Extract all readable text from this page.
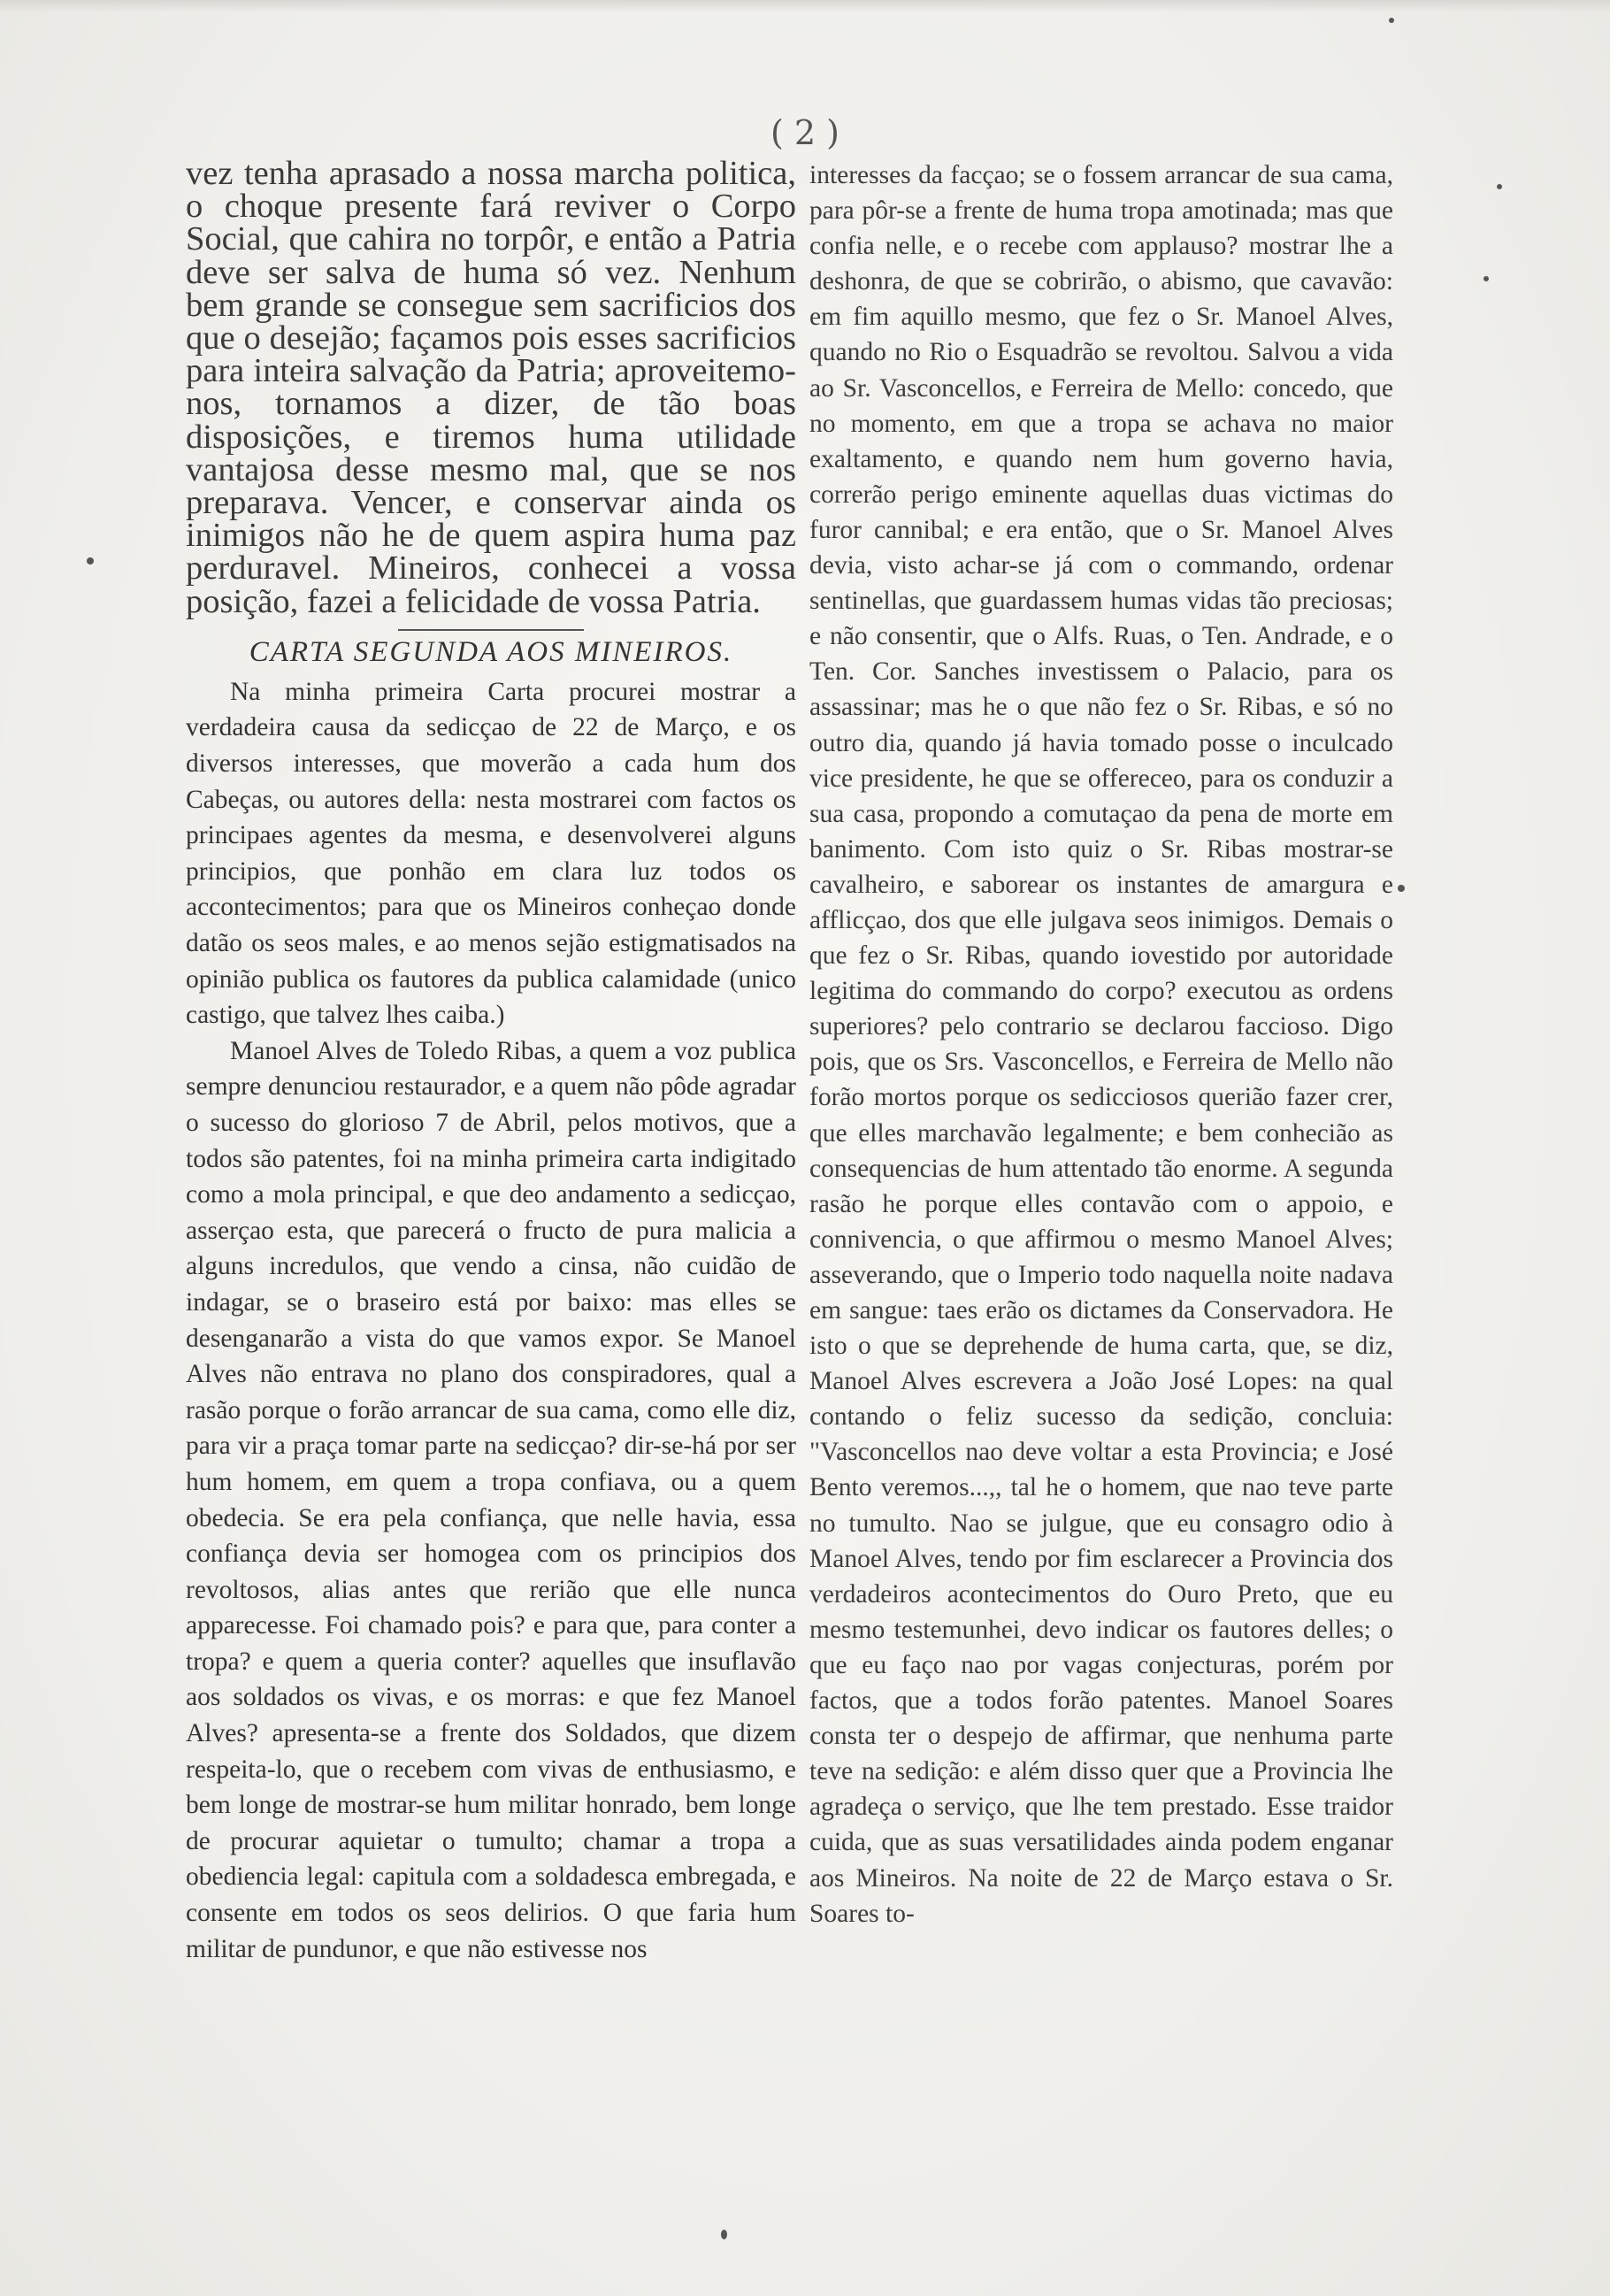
( 2 )

vez tenha aprasado a nossa marcha politica, o choque presente fará reviver o Corpo Social, que cahira no torpôr, e então a Patria deve ser salva de huma só vez. Nenhum bem grande se consegue sem sacrificios dos que o desejão; façamos pois esses sacrificios para inteira salvação da Patria; aproveitemo-nos, tornamos a dizer, de tão boas disposições, e tiremos huma utilidade vantajosa desse mesmo mal, que se nos preparava. Vencer, e conservar ainda os inimigos não he de quem aspira huma paz perduravel. Mineiros, conhecei a vossa posição, fazei a felicidade de vossa Patria.

CARTA SEGUNDA AOS MINEIROS.

Na minha primeira Carta procurei mostrar a verdadeira causa da sedicçao de 22 de Março, e os diversos interesses, que moverão a cada hum dos Cabeças, ou autores della: nesta mostrarei com factos os principaes agentes da mesma, e desenvolverei alguns principios, que ponhão em clara luz todos os accontecimentos; para que os Mineiros conheçao donde datão os seos males, e ao menos sejão estigmatisados na opinião publica os fautores da publica calamidade (unico castigo, que talvez lhes caiba.)

Manoel Alves de Toledo Ribas, a quem a voz publica sempre denunciou restaurador, e a quem não pôde agradar o sucesso do glorioso 7 de Abril, pelos motivos, que a todos são patentes, foi na minha primeira carta indigitado como a mola principal, e que deo andamento a sedicçao, asserçao esta, que parecerá o fructo de pura malicia a alguns incredulos, que vendo a cinsa, não cuidão de indagar, se o braseiro está por baixo: mas elles se desenganarão a vista do que vamos expor. Se Manoel Alves não entrava no plano dos conspiradores, qual a rasão porque o forão arrancar de sua cama, como elle diz, para vir a praça tomar parte na sedicçao? dir-se-há por ser hum homem, em quem a tropa confiava, ou a quem obedecia. Se era pela confiança, que nelle havia, essa confiança devia ser homogea com os principios dos revoltosos, alias antes que rerião que elle nunca apparecesse. Foi chamado pois? e para que, para conter a tropa? e quem a queria conter? aquelles que insuflavão aos soldados os vivas, e os morras: e que fez Manoel Alves? apresenta-se a frente dos Soldados, que dizem respeita-lo, que o recebem com vivas de enthusiasmo, e bem longe de mostrar-se hum militar honrado, bem longe de procurar aquietar o tumulto; chamar a tropa a obediencia legal: capitula com a soldadesca embregada, e consente em todos os seos delirios. O que faria hum militar de pundunor, e que não estivesse nos

interesses da facçao; se o fossem arrancar de sua cama, para pôr-se a frente de huma tropa amotinada; mas que confia nelle, e o recebe com applauso? mostrar lhe a deshonra, de que se cobrirão, o abismo, que cavavão: em fim aquillo mesmo, que fez o Sr. Manoel Alves, quando no Rio o Esquadrão se revoltou. Salvou a vida ao Sr. Vasconcellos, e Ferreira de Mello: concedo, que no momento, em que a tropa se achava no maior exaltamento, e quando nem hum governo havia, correrão perigo eminente aquellas duas victimas do furor cannibal; e era então, que o Sr. Manoel Alves devia, visto achar-se já com o commando, ordenar sentinellas, que guardassem humas vidas tão preciosas; e não consentir, que o Alfs. Ruas, o Ten. Andrade, e o Ten. Cor. Sanches investissem o Palacio, para os assassinar; mas he o que não fez o Sr. Ribas, e só no outro dia, quando já havia tomado posse o inculcado vice presidente, he que se offereceo, para os conduzir a sua casa, propondo a comutaçao da pena de morte em banimento. Com isto quiz o Sr. Ribas mostrar-se cavalheiro, e saborear os instantes de amargura e afflicçao, dos que elle julgava seos inimigos. Demais o que fez o Sr. Ribas, quando iovestido por autoridade legitima do commando do corpo? executou as ordens superiores? pelo contrario se declarou faccioso. Digo pois, que os Srs. Vasconcellos, e Ferreira de Mello não forão mortos porque os sedicciosos querião fazer crer, que elles marchavão legalmente; e bem conhecião as consequencias de hum attentado tão enorme. A segunda rasão he porque elles contavão com o appoio, e connivencia, o que affirmou o mesmo Manoel Alves; asseverando, que o Imperio todo naquella noite nadava em sangue: taes erão os dictames da Conservadora. He isto o que se deprehende de huma carta, que, se diz, Manoel Alves escrevera a João José Lopes: na qual contando o feliz sucesso da sedição, concluia: "Vasconcellos nao deve voltar a esta Provincia; e José Bento veremos...,, tal he o homem, que nao teve parte no tumulto. Nao se julgue, que eu consagro odio à Manoel Alves, tendo por fim esclarecer a Provincia dos verdadeiros acontecimentos do Ouro Preto, que eu mesmo testemunhei, devo indicar os fautores delles; o que eu faço nao por vagas conjecturas, porém por factos, que a todos forão patentes. Manoel Soares consta ter o despejo de affirmar, que nenhuma parte teve na sedição: e além disso quer que a Provincia lhe agradeça o serviço, que lhe tem prestado. Esse traidor cuida, que as suas versatilidades ainda podem enganar aos Mineiros. Na noite de 22 de Março estava o Sr. Soares to-
